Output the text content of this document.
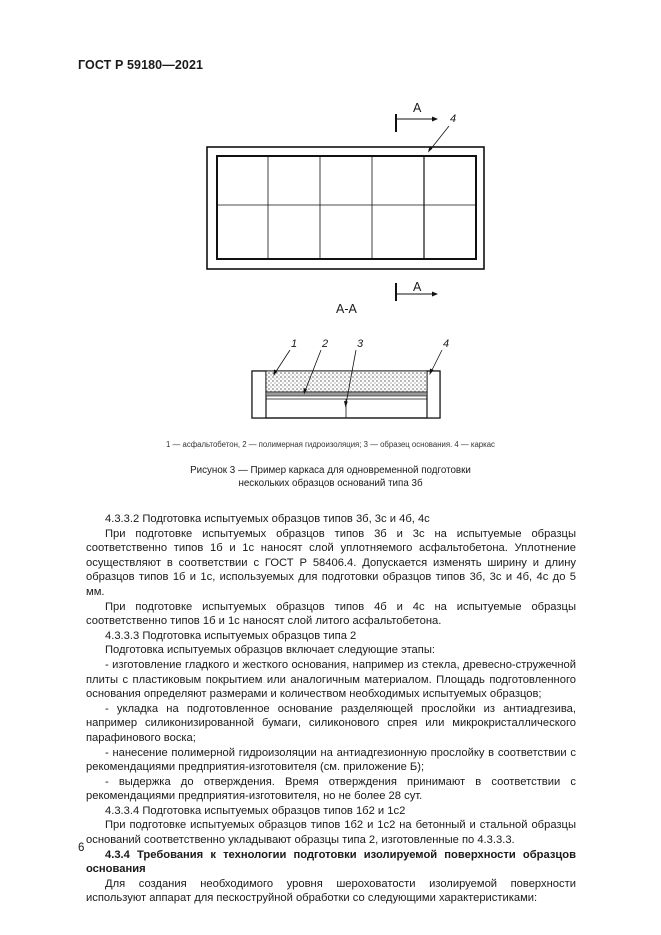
ГОСТ Р 59180—2021
А
А
4
А-А
1 2	3	4
1 — асфальтобетон, 2 — полимерная гидроизоляция; 3 — образец основания. 4 — каркас
Рисунок 3 — Пример каркаса для одновременной подготовки
нескольких образцов оснований типа 3б

4.3.3.2 Подготовка испытуемых образцов типов 3б, 3с и 4б, 4с

При подготовке испытуемых образцов типов 3б и 3с на испытуемые образцы соответственно типов 1б и 1с наносят слой уплотняемого асфальтобетона. Уплотнение осуществляют в соответствии с ГОСТ Р 58406.4. Допускается изменять ширину и длину образцов типов 1б и 1с, используемых для подготовки образцов типов 3б, 3с и 4б, 4с до 5 мм.

При подготовке испытуемых образцов типов 4б и 4с на испытуемые образцы соответственно типов 1б и 1с наносят слой литого асфальтобетона.

4.3.3.3 Подготовка испытуемых образцов типа 2

Подготовка испытуемых образцов включает следующие этапы:

- изготовление гладкого и жесткого основания, например из стекла, древесно-стружечной плиты с пластиковым покрытием или аналогичным материалом. Площадь подготовленного основания определяют размерами и количеством необходимых испытуемых образцов;

- укладка на подготовленное основание разделяющей прослойки из антиадгезива, например силиконизированной бумаги, силиконового спрея или микрокристаллического парафинового воска;

- нанесение полимерной гидроизоляции на антиадгезионную прослойку в соответствии с рекомендациями предприятия-изготовителя (см. приложение Б);

- выдержка до отверждения. Время отверждения принимают в соответствии с рекомендациями предприятия-изготовителя, но не более 28 сут.

4.3.3.4 Подготовка испытуемых образцов типов 1б2 и 1с2

При подготовке испытуемых образцов типов 1б2 и 1с2 на бетонный и стальной образцы оснований соответственно укладывают образцы типа 2, изготовленные по 4.3.3.3.

4.3.4 Требования к технологии подготовки изолируемой поверхности образцов основания

Для создания необходимого уровня шероховатости изолируемой поверхности используют аппарат для пескоструйной обработки со следующими характеристиками:

6
